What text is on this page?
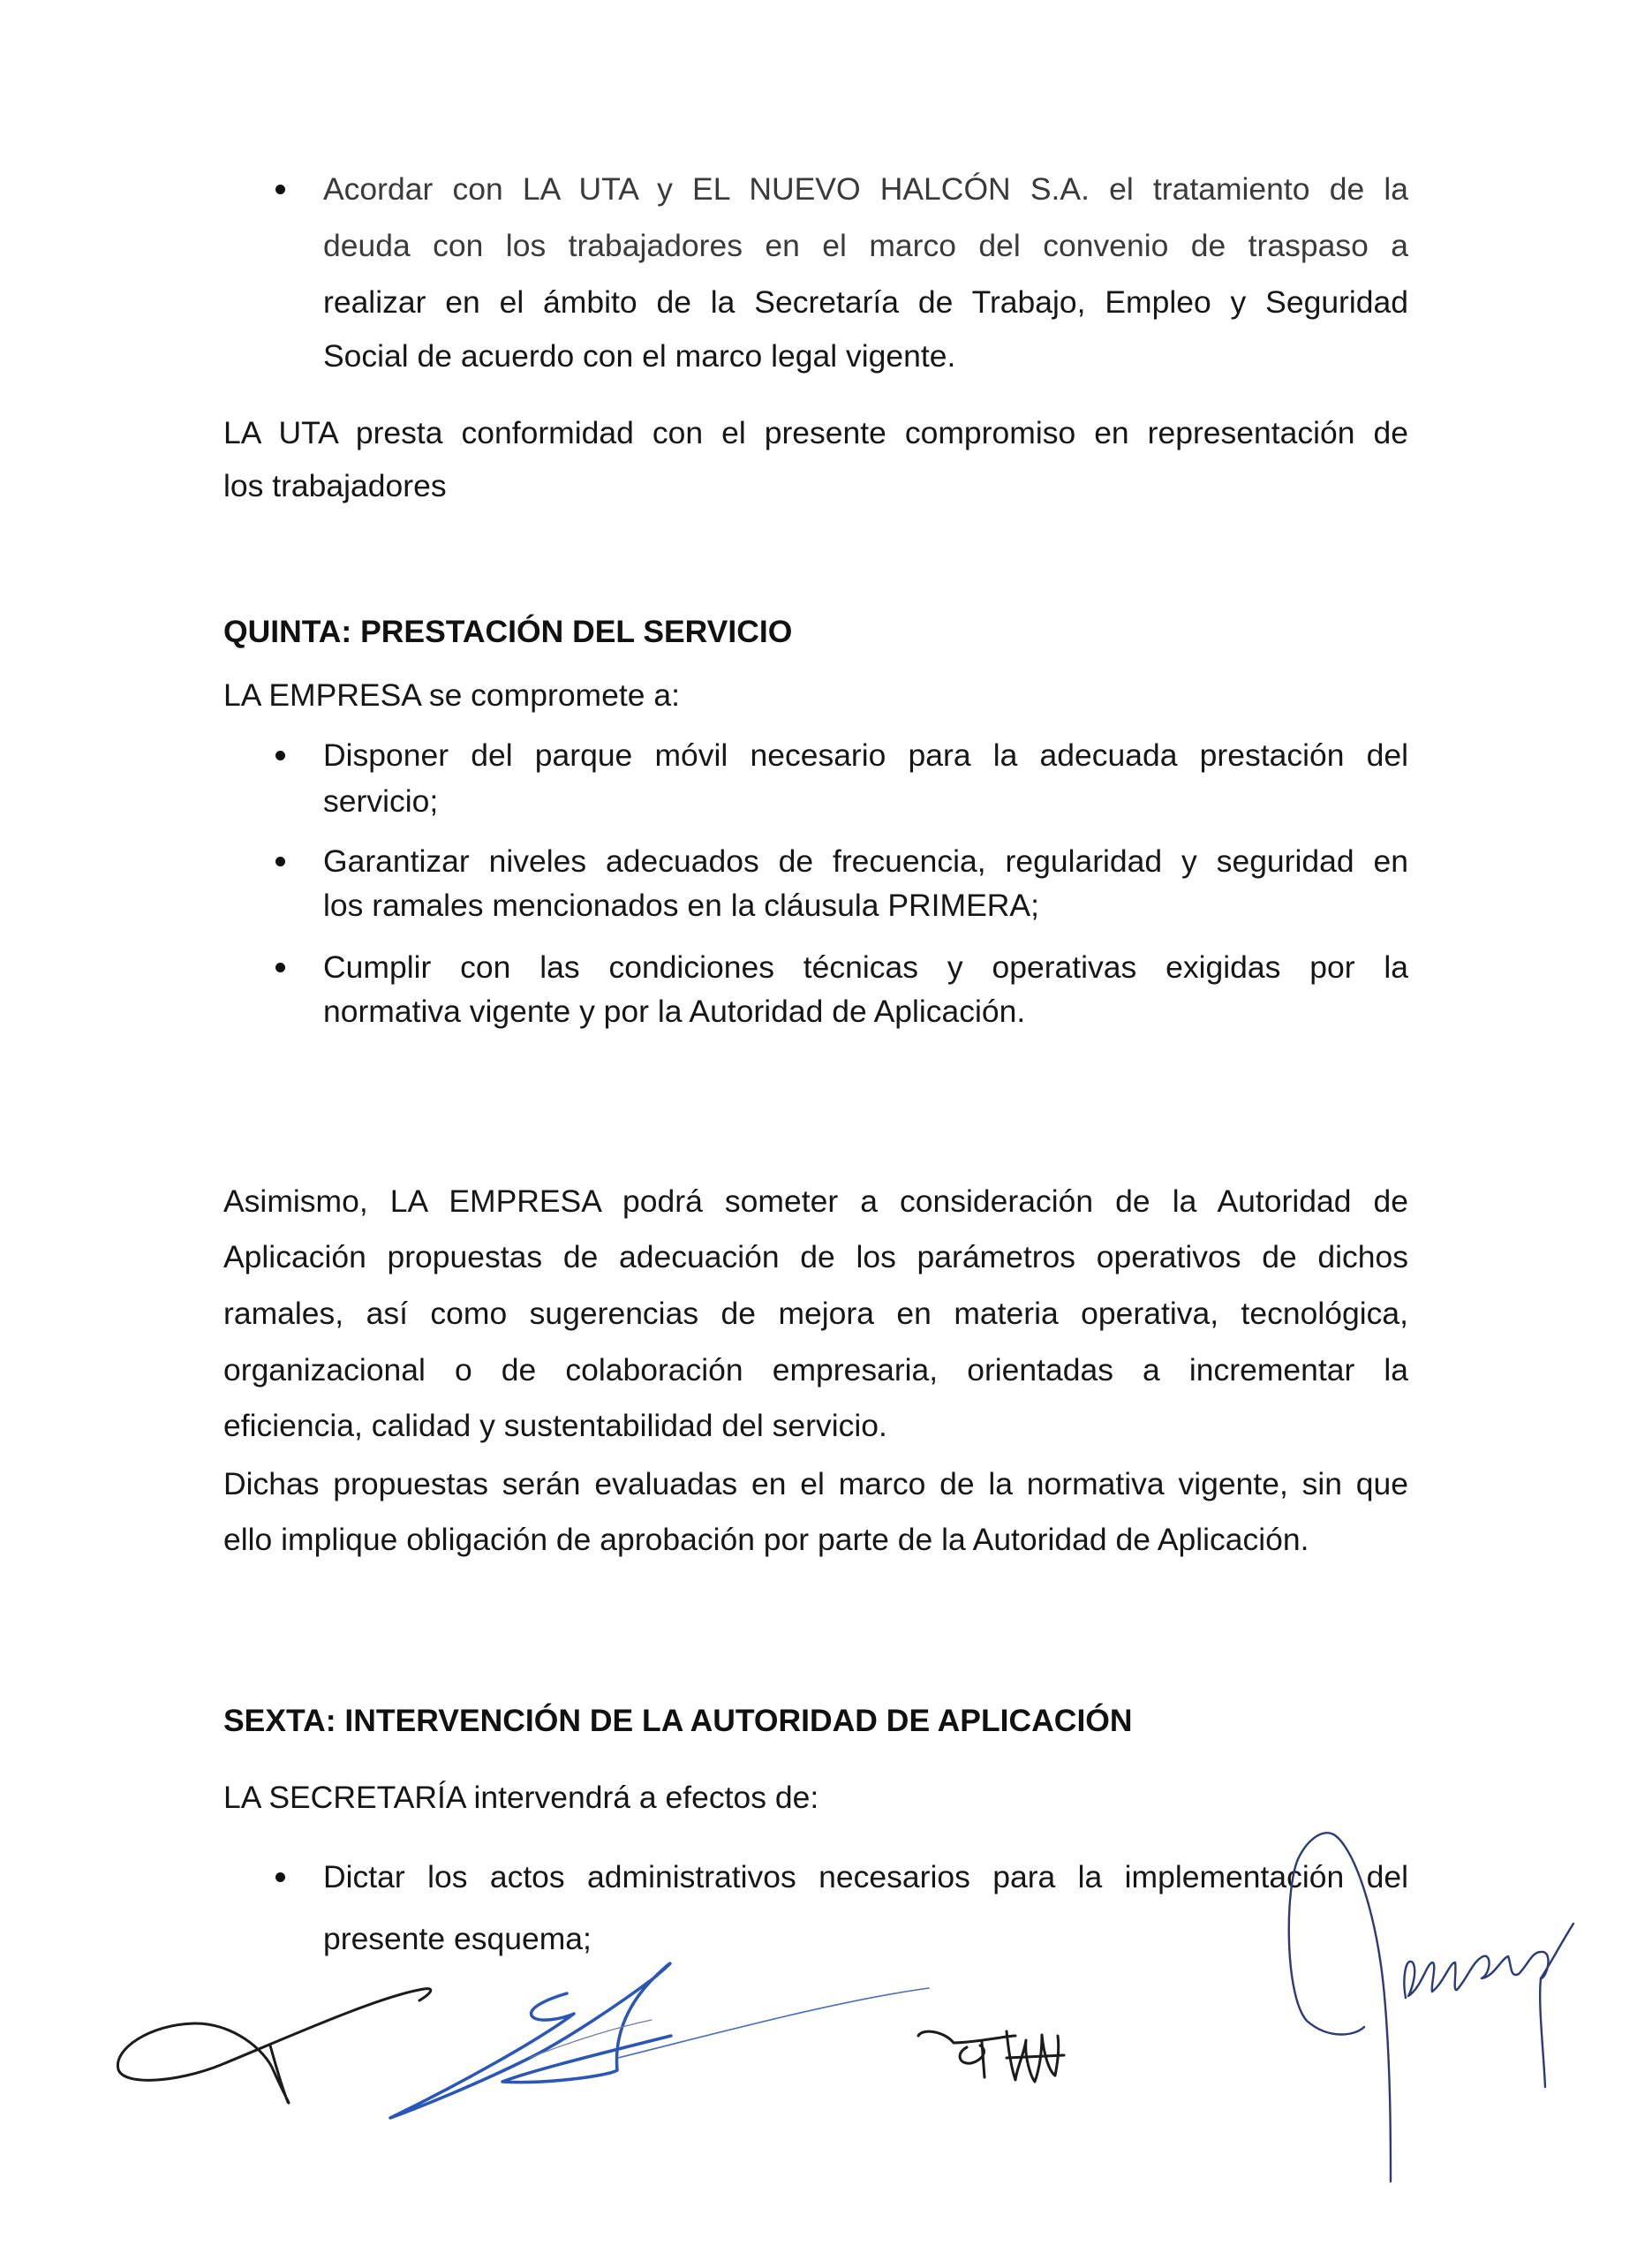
Acordar con LA UTA y EL NUEVO HALCÓN S.A. el tratamiento de la
deuda con los trabajadores en el marco del convenio de traspaso a
realizar en el ámbito de la Secretaría de Trabajo, Empleo y Seguridad
Social de acuerdo con el marco legal vigente.
LA UTA presta conformidad con el presente compromiso en representación de
los trabajadores
QUINTA: PRESTACIÓN DEL SERVICIO
LA EMPRESA se compromete a:
Disponer del parque móvil necesario para la adecuada prestación del
servicio;
Garantizar niveles adecuados de frecuencia, regularidad y seguridad en
los ramales mencionados en la cláusula PRIMERA;
Cumplir con las condiciones técnicas y operativas exigidas por la
normativa vigente y por la Autoridad de Aplicación.
Asimismo, LA EMPRESA podrá someter a consideración de la Autoridad de
Aplicación propuestas de adecuación de los parámetros operativos de dichos
ramales, así como sugerencias de mejora en materia operativa, tecnológica,
organizacional o de colaboración empresaria, orientadas a incrementar la
eficiencia, calidad y sustentabilidad del servicio.
Dichas propuestas serán evaluadas en el marco de la normativa vigente, sin que
ello implique obligación de aprobación por parte de la Autoridad de Aplicación.
SEXTA: INTERVENCIÓN DE LA AUTORIDAD DE APLICACIÓN
LA SECRETARÍA intervendrá a efectos de:
Dictar los actos administrativos necesarios para la implementación del
presente esquema;
